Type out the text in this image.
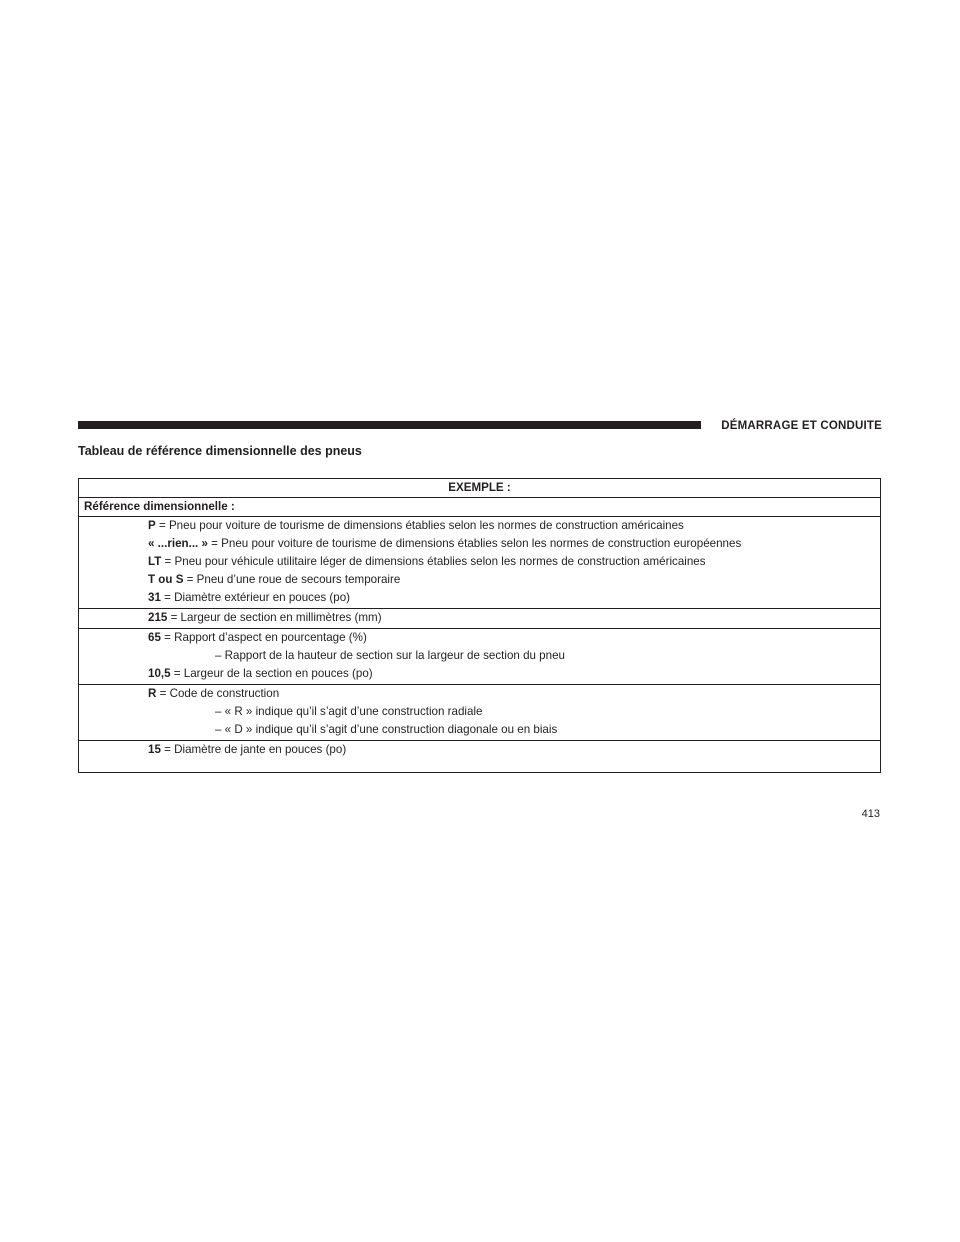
DÉMARRAGE ET CONDUITE
Tableau de référence dimensionnelle des pneus
EXEMPLE :
Référence dimensionnelle :
P = Pneu pour voiture de tourisme de dimensions établies selon les normes de construction américaines
« ...rien... » = Pneu pour voiture de tourisme de dimensions établies selon les normes de construction européennes
LT = Pneu pour véhicule utilitaire léger de dimensions établies selon les normes de construction américaines
T ou S = Pneu d’une roue de secours temporaire
31 = Diamètre extérieur en pouces (po)
215 = Largeur de section en millimètres (mm)
65 = Rapport d’aspect en pourcentage (%)
– Rapport de la hauteur de section sur la largeur de section du pneu
10,5 = Largeur de la section en pouces (po)
R = Code de construction
– « R » indique qu’il s’agit d’une construction radiale
– « D » indique qu’il s’agit d’une construction diagonale ou en biais
15 = Diamètre de jante en pouces (po)
413
